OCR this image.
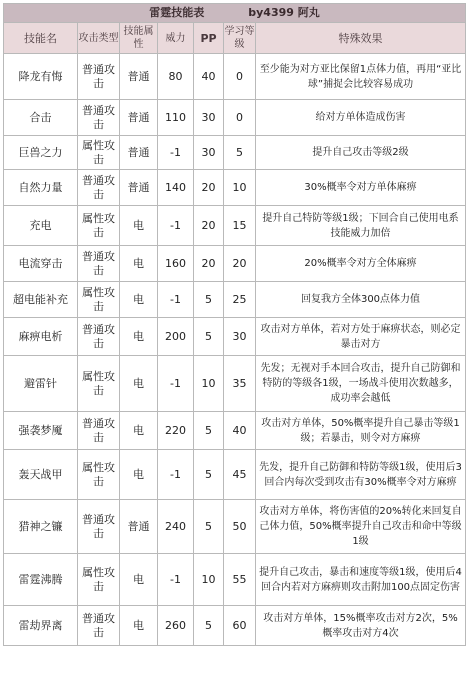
雷霆技能表 by4399 阿丸						
技能名	攻击类型	技能属性	威力	PP	学习等级	特殊效果
降龙有悔	普通攻击	普通	80	40	0	至少能为对方亚比保留1点体力值，再用“亚比球”捕捉会比较容易成功
合击	普通攻击	普通	110	30	0	给对方单体造成伤害
巨兽之力	属性攻击	普通	-1	30	5	提升自己攻击等级2级
自然力量	普通攻击	普通	140	20	10	30%概率令对方单体麻痹
充电	属性攻击	电	-1	20	15	提升自己特防等级1级；下回合自己使用电系技能威力加倍
电流穿击	普通攻击	电	160	20	20	20%概率令对方全体麻痹
超电能补充	属性攻击	电	-1	5	25	回复我方全体300点体力值
麻痹电析	普通攻击	电	200	5	30	攻击对方单体，若对方处于麻痹状态，则必定暴击对方
避雷针	属性攻击	电	-1	10	35	先发；无视对手本回合攻击，提升自己防御和特防的等级各1级，一场战斗使用次数越多，成功率会越低
强袭梦魇	普通攻击	电	220	5	40	攻击对方单体，50%概率提升自己暴击等级1级；若暴击，则令对方麻痹
轰天战甲	属性攻击	电	-1	5	45	先发，提升自己防御和特防等级1级，使用后3回合内每次受到攻击有30%概率令对方麻痹
猎神之镰	普通攻击	普通	240	5	50	攻击对方单体，将伤害值的20%转化来回复自己体力值，50%概率提升自己攻击和命中等级1级
雷霆沸腾	属性攻击	电	-1	10	55	提升自己攻击，暴击和速度等级1级，使用后4回合内若对方麻痹则攻击附加100点固定伤害
雷劫界离	普通攻击	电	260	5	60	攻击对方单体，15%概率攻击对方2次，5%概率攻击对方4次
